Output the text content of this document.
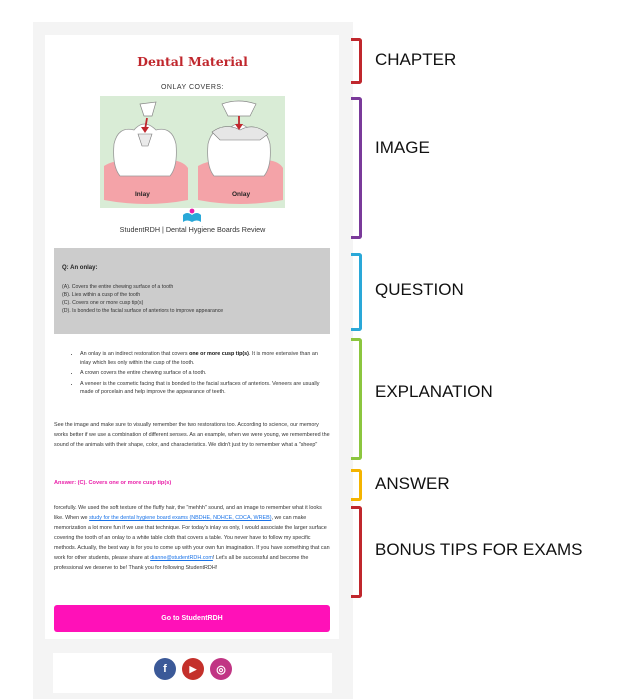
Dental Material
ONLAY COVERS:
Inlay	Onlay
StudentRDH | Dental Hygiene Boards Review
Q: An onlay:
(A). Covers the entire chewing surface of a tooth
(B). Lies within a cusp of the tooth
(C). Covers one or more cusp tip(s)
(D). Is bonded to the facial surface of anteriors to improve appearance
• An onlay is an indirect restoration that covers one or more cusp tip(s). It is more extensive than an inlay which lies only within the cusp of the tooth.
• A crown covers the entire chewing surface of a tooth.
• A veneer is the cosmetic facing that is bonded to the facial surfaces of anteriors. Veneers are usually made of porcelain and help improve the appearance of teeth.

See the image and make sure to visually remember the two restorations too. According to science, our memory works better if we use a combination of different senses. As an example, when we were young, we remembered the sound of the animals with their shape, color, and characteristics. We didn't just try to remember what a "sheep"

Answer: (C). Covers one or more cusp tip(s)

forcefully. We used the soft texture of the fluffy hair, the "mehhh" sound, and an image to remember what it looks like. When we study for the dental hygiene board exams (NBDHE, NDHCE, CDCA, WREB), we can make memorization a lot more fun if we use that technique. For today's inlay vs only, I would associate the larger surface covering the tooth of an onlay to a white table cloth that covers a table. You never have to follow my specific methods. Actually, the best way is for you to come up with your own fun imagination. If you have something that can work for other students, please share at dianne@studentRDH.com! Let's all be successful and become the professional we deserve to be! Thank you for following StudentRDH!

Go to StudentRDH
f	▶	◎
CHAPTER
IMAGE
QUESTION
EXPLANATION
ANSWER
BONUS TIPS FOR EXAMS
